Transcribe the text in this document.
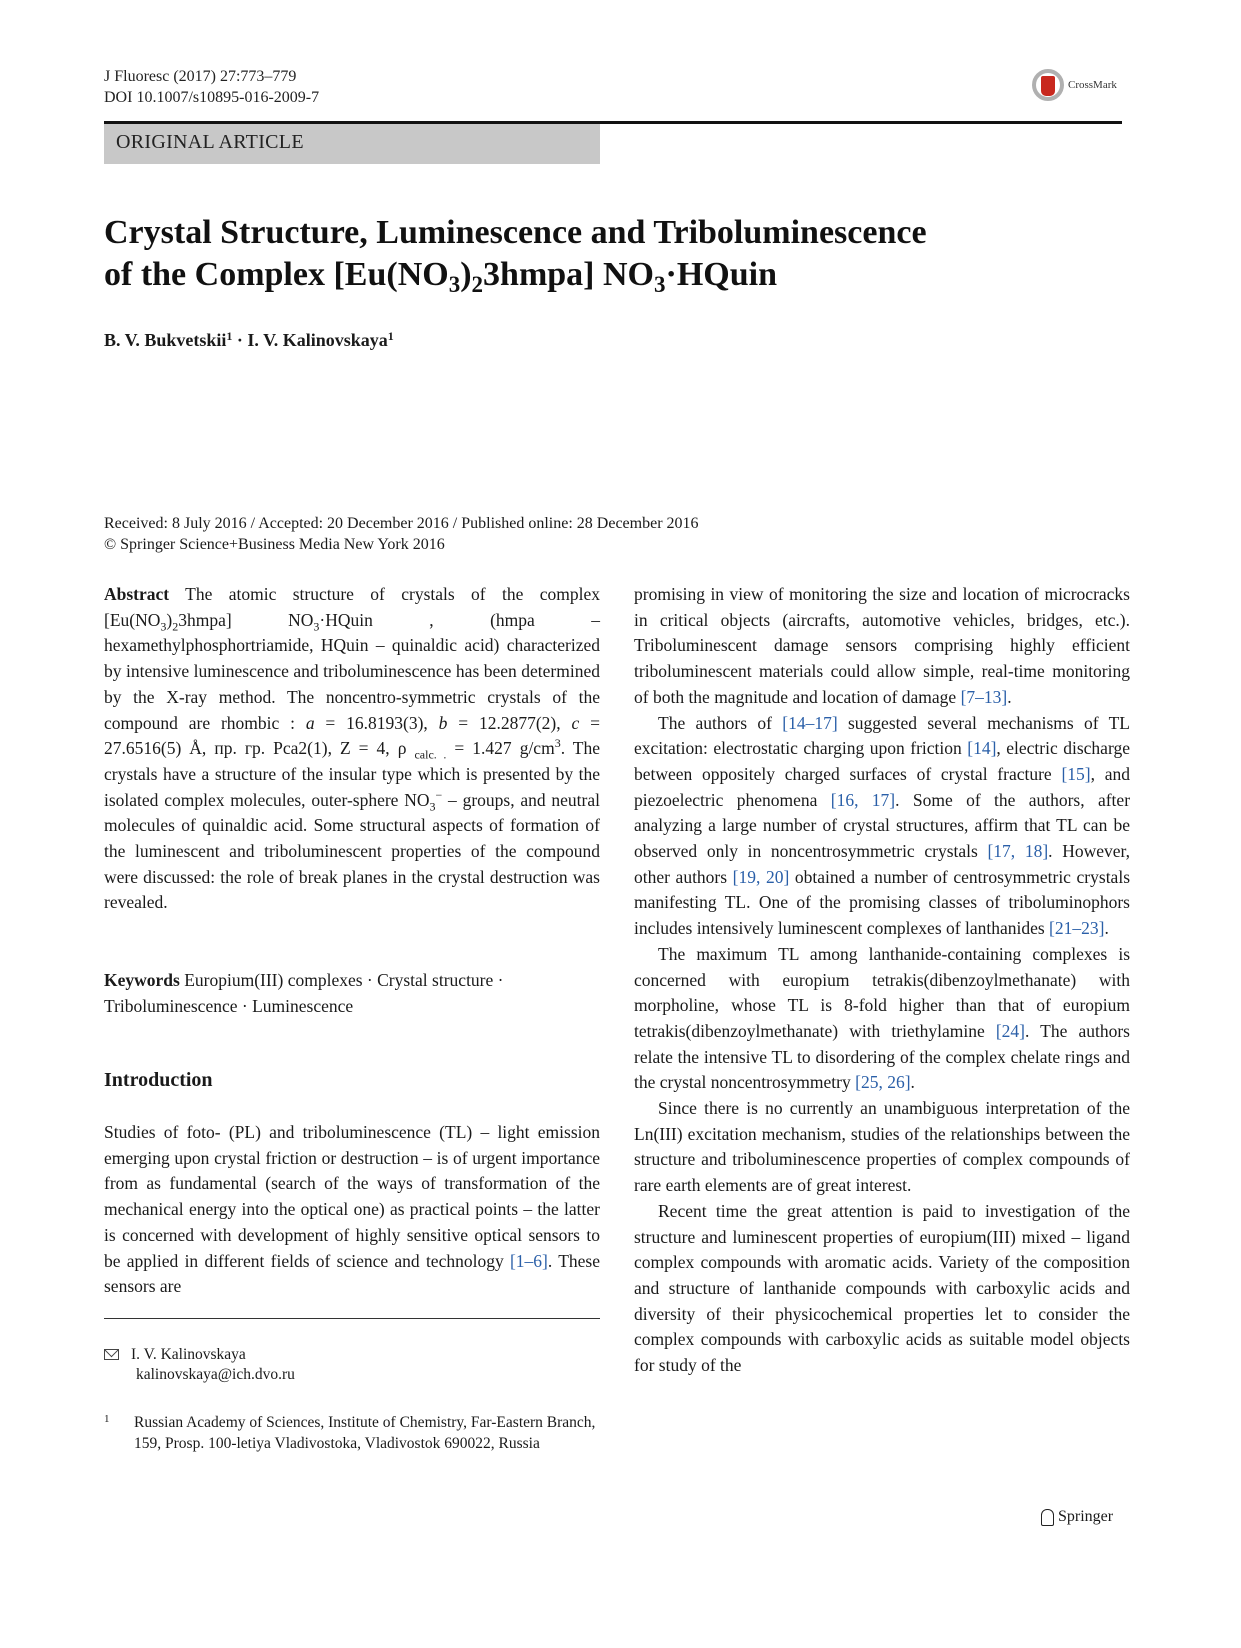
J Fluoresc (2017) 27:773–779
DOI 10.1007/s10895-016-2009-7
CrossMark
ORIGINAL ARTICLE
Crystal Structure, Luminescence and Triboluminescence
of the Complex $[Eu(NO_3)_23hmpa]$ $NO_3\cdot HQuin$
B. V. Bukvetskii$^1$ · I. V. Kalinovskaya$^1$
Received: 8 July 2016 / Accepted: 20 December 2016 / Published online: 28 December 2016
© Springer Science+Business Media New York 2016

Abstract The atomic structure of crystals of the complex $[Eu(NO_3)_23hmpa]$ $NO_3\cdot HQuin$ , (hmpa – hexamethylphosphortriamide, HQuin – quinaldic acid) characterized by intensive luminescence and triboluminescence has been determined by the X-ray method. The noncentro-symmetric crystals of the compound are rhombic : a = 16.8193(3), b = 12.2877(2), c = 27.6516(5) Å, пр. гр. Pca2(1), Z = 4, ρ $_{calc. .}$ = 1.427 $g/cm^3$. The crystals have a structure of the insular type which is presented by the isolated complex molecules, outer-sphere $NO_3^-$ – groups, and neutral molecules of quinaldic acid. Some structural aspects of formation of the luminescent and triboluminescent properties of the compound were discussed: the role of break planes in the crystal destruction was revealed.

Keywords Europium(III) complexes · Crystal structure · Triboluminescence · Luminescence

Introduction

Studies of foto- (PL) and triboluminescence (TL) – light emission emerging upon crystal friction or destruction – is of urgent importance from as fundamental (search of the ways of transformation of the mechanical energy into the optical one) as practical points – the latter is concerned with development of highly sensitive optical sensors to be applied in different fields of science and technology [1–6]. These sensors are

I. V. Kalinovskaya
kalinovskaya@ich.dvo.ru
1	Russian Academy of Sciences, Institute of Chemistry, Far-Eastern Branch, 159, Prosp. 100-letiya Vladivostoka, Vladivostok 690022, Russia

promising in view of monitoring the size and location of microcracks in critical objects (aircrafts, automotive vehicles, bridges, etc.). Triboluminescent damage sensors comprising highly efficient triboluminescent materials could allow simple, real-time monitoring of both the magnitude and location of damage [7–13].

The authors of [14–17] suggested several mechanisms of TL excitation: electrostatic charging upon friction [14], electric discharge between oppositely charged surfaces of crystal fracture [15], and piezoelectric phenomena [16, 17]. Some of the authors, after analyzing a large number of crystal structures, affirm that TL can be observed only in noncentrosymmetric crystals [17, 18]. However, other authors [19, 20] obtained a number of centrosymmetric crystals manifesting TL. One of the promising classes of triboluminophors includes intensively luminescent complexes of lanthanides [21–23].

The maximum TL among lanthanide-containing complexes is concerned with europium tetrakis(dibenzoylmethanate) with morpholine, whose TL is 8-fold higher than that of europium tetrakis(dibenzoylmethanate) with triethylamine [24]. The authors relate the intensive TL to disordering of the complex chelate rings and the crystal noncentrosymmetry [25, 26].

Since there is no currently an unambiguous interpretation of the Ln(III) excitation mechanism, studies of the relationships between the structure and triboluminescence properties of complex compounds of rare earth elements are of great interest.

Recent time the great attention is paid to investigation of the structure and luminescent properties of europium(III) mixed – ligand complex compounds with aromatic acids. Variety of the composition and structure of lanthanide compounds with carboxylic acids and diversity of their physicochemical properties let to consider the complex compounds with carboxylic acids as suitable model objects for study of the

Springer
